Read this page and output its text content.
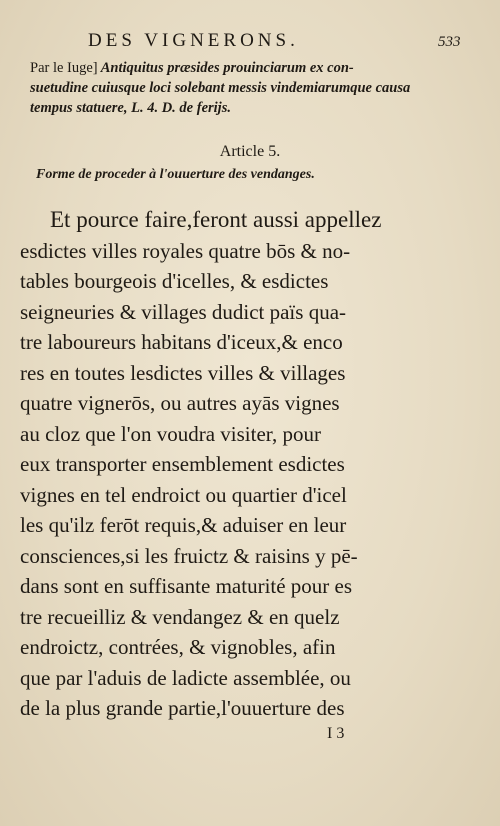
DES VIGNERONS.	533
Par le Iuge] Antiquitus præsides prouinciarum ex con-
suetudine cuiusque loci solebant messis vindemiarumque causa
tempus statuere, L. 4. D. de ferijs.
Article 5.
Forme de proceder à l'ouuerture des vendanges.
Et pource faire,feront aussi appellez
esdictes villes royales quatre bōs & no-
tables bourgeois d'icelles, & esdictes
seigneuries & villages dudict païs qua-
tre laboureurs habitans d'iceux,& enco
res en toutes lesdictes villes & villages
quatre vignerōs, ou autres ayās vignes
au cloz que l'on voudra visiter, pour
eux transporter ensemblement esdictes
vignes en tel endroict ou quartier d'icel
les qu'ilz ferōt requis,& aduiser en leur
consciences,si les fruictz & raisins y pē-
dans sont en suffisante maturité pour es
tre recueilliz & vendangez & en quelz
endroictz, contrées, & vignobles, afin
que par l'aduis de ladicte assemblée, ou
de la plus grande partie,l'ouuerture des
I 3
